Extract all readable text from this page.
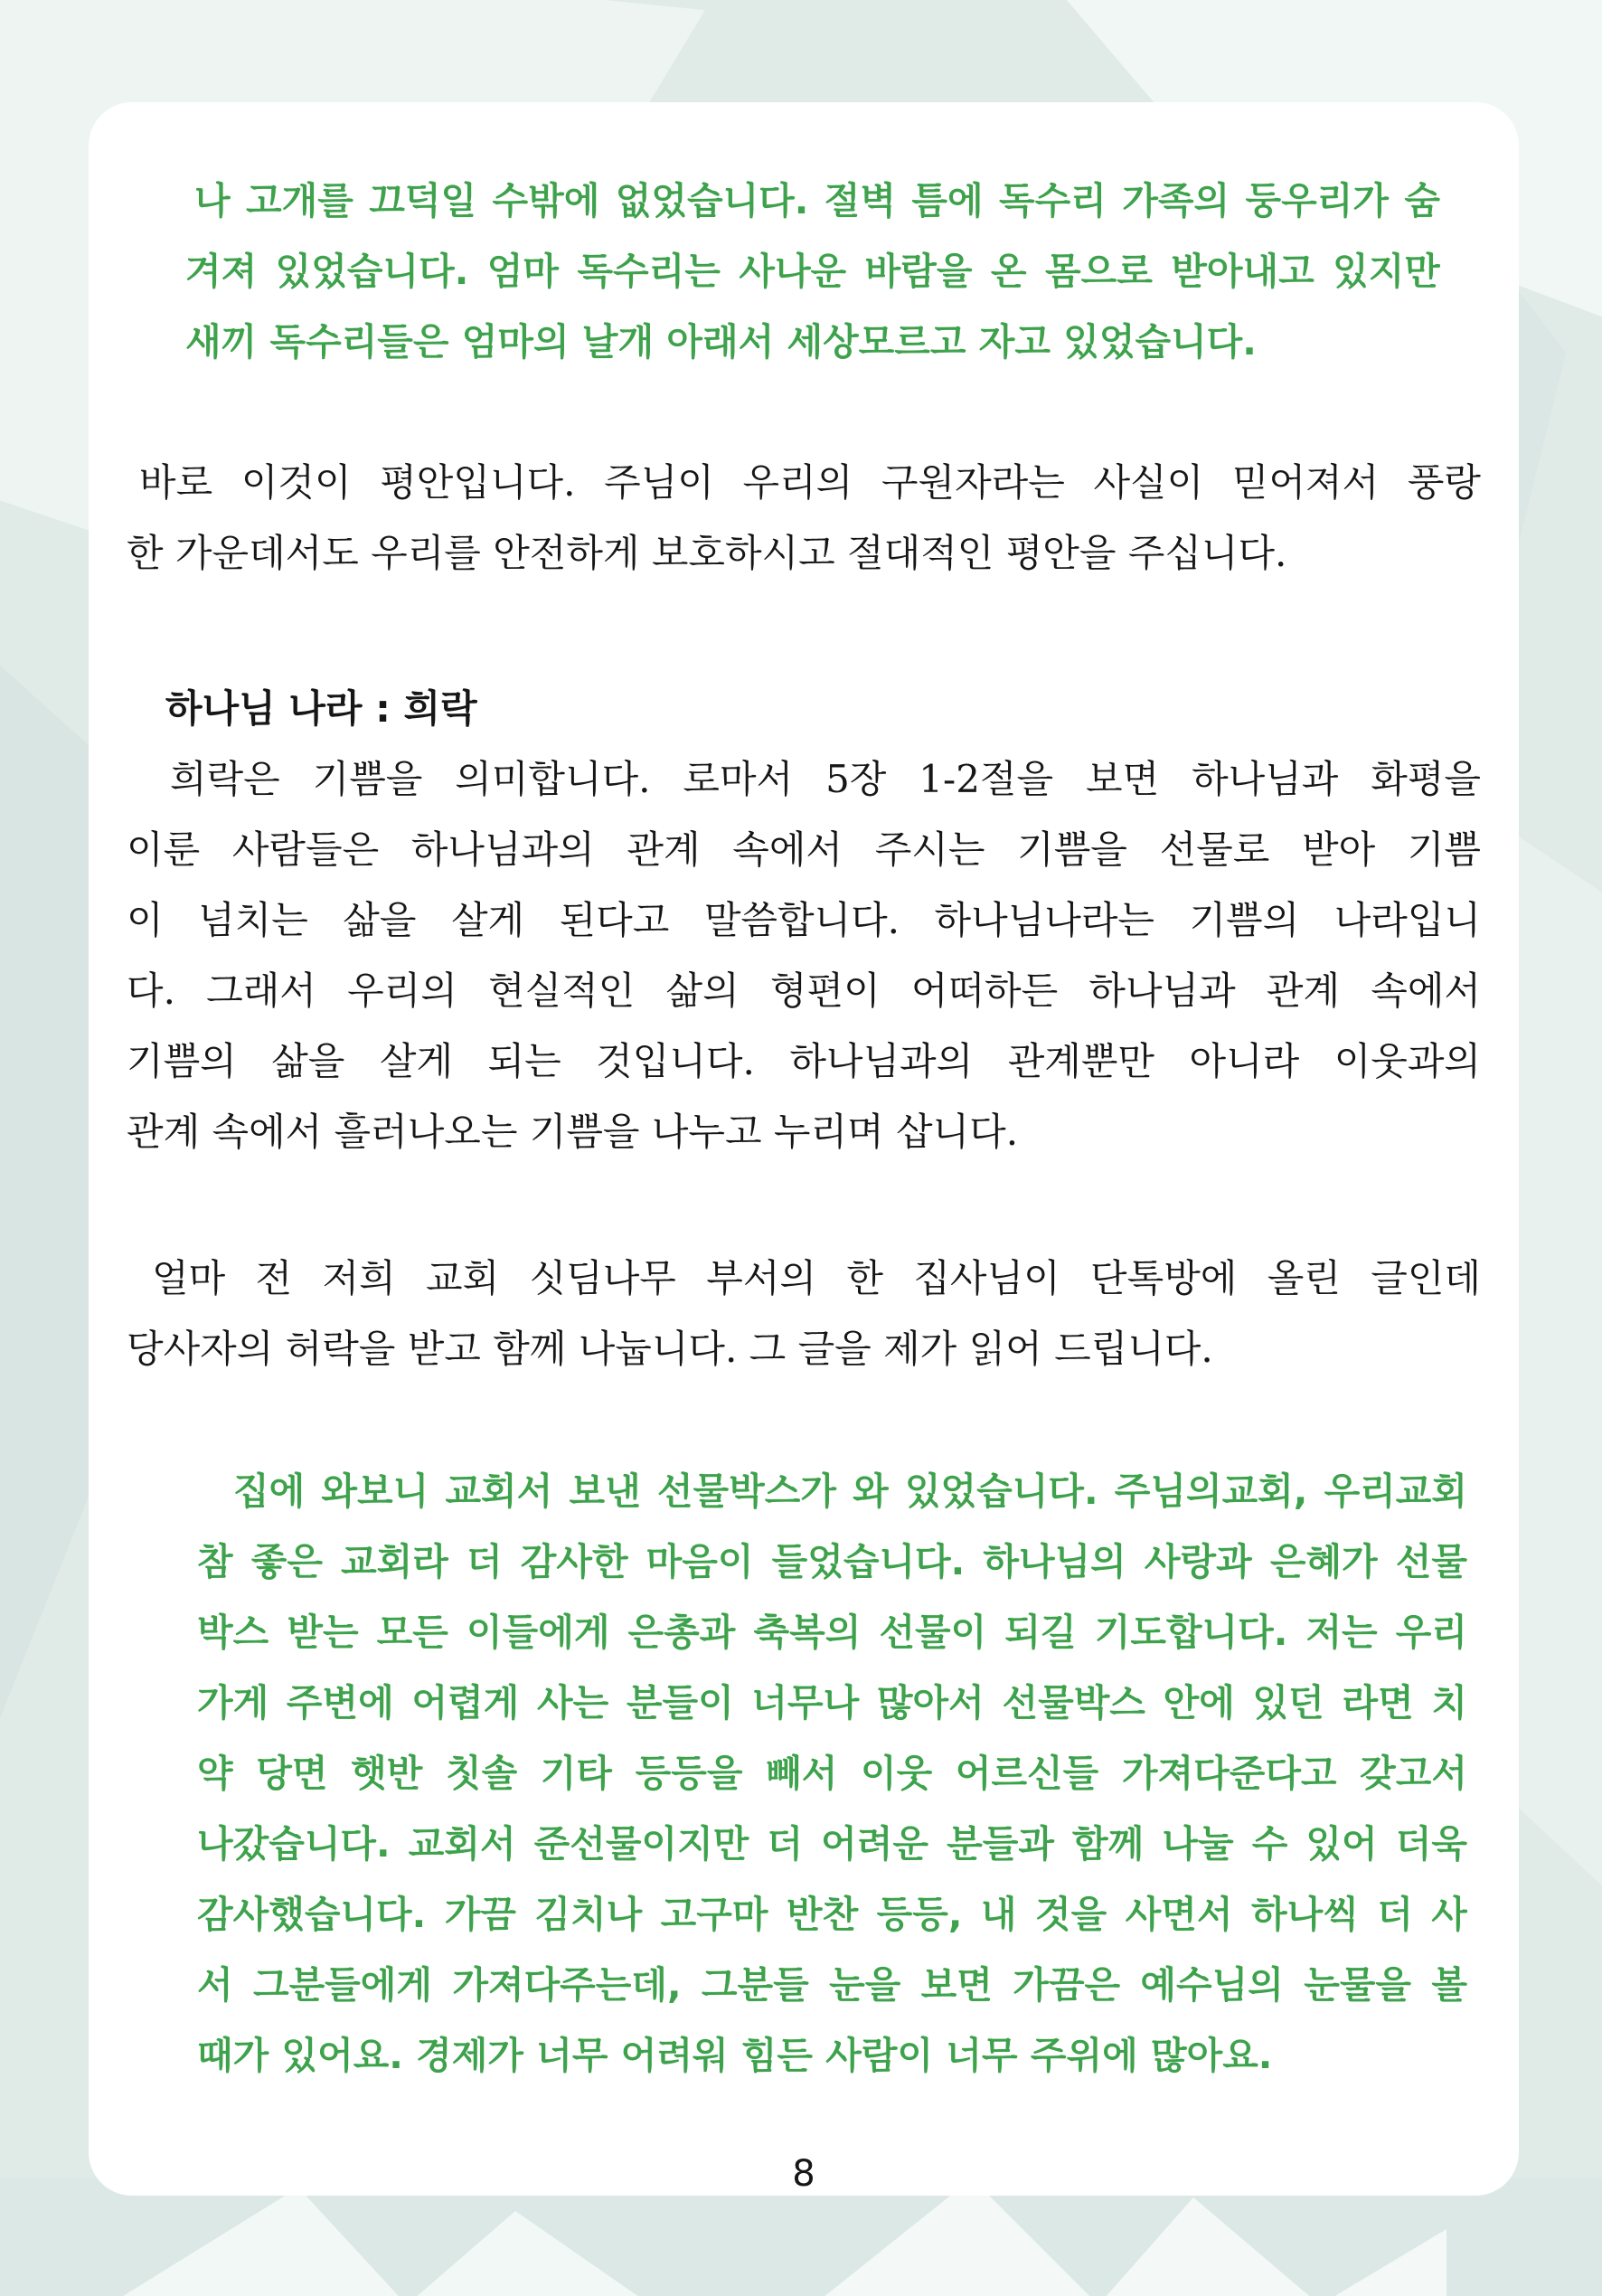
나 고개를 끄덕일 수밖에 없었습니다. 절벽 틈에 독수리 가족의 둥우리가 숨
겨져 있었습니다. 엄마 독수리는 사나운 바람을 온 몸으로 받아내고 있지만
새끼 독수리들은 엄마의 날개 아래서 세상모르고 자고 있었습니다.
바로 이것이 평안입니다. 주님이 우리의 구원자라는 사실이 믿어져서 풍랑
한 가운데서도 우리를 안전하게 보호하시고 절대적인 평안을 주십니다.
하나님 나라 : 희락
희락은 기쁨을 의미합니다. 로마서 5장 1-2절을 보면 하나님과 화평을
이룬 사람들은 하나님과의 관계 속에서 주시는 기쁨을 선물로 받아 기쁨
이 넘치는 삶을 살게 된다고 말씀합니다. 하나님나라는 기쁨의 나라입니
다. 그래서 우리의 현실적인 삶의 형편이 어떠하든 하나님과 관계 속에서
기쁨의 삶을 살게 되는 것입니다. 하나님과의 관계뿐만 아니라 이웃과의
관계 속에서 흘러나오는 기쁨을 나누고 누리며 삽니다.
얼마 전 저희 교회 싯딤나무 부서의 한 집사님이 단톡방에 올린 글인데
당사자의 허락을 받고 함께 나눕니다. 그 글을 제가 읽어 드립니다.
집에 와보니 교회서 보낸 선물박스가 와 있었습니다. 주님의교회, 우리교회
참 좋은 교회라 더 감사한 마음이 들었습니다. 하나님의 사랑과 은혜가 선물
박스 받는 모든 이들에게 은총과 축복의 선물이 되길 기도합니다. 저는 우리
가게 주변에 어렵게 사는 분들이 너무나 많아서 선물박스 안에 있던 라면 치
약 당면 햇반 칫솔 기타 등등을 빼서 이웃 어르신들 가져다준다고 갖고서
나갔습니다. 교회서 준선물이지만 더 어려운 분들과 함께 나눌 수 있어 더욱
감사했습니다. 가끔 김치나 고구마 반찬 등등, 내 것을 사면서 하나씩 더 사
서 그분들에게 가져다주는데, 그분들 눈을 보면 가끔은 예수님의 눈물을 볼
때가 있어요. 경제가 너무 어려워 힘든 사람이 너무 주위에 많아요.
8
